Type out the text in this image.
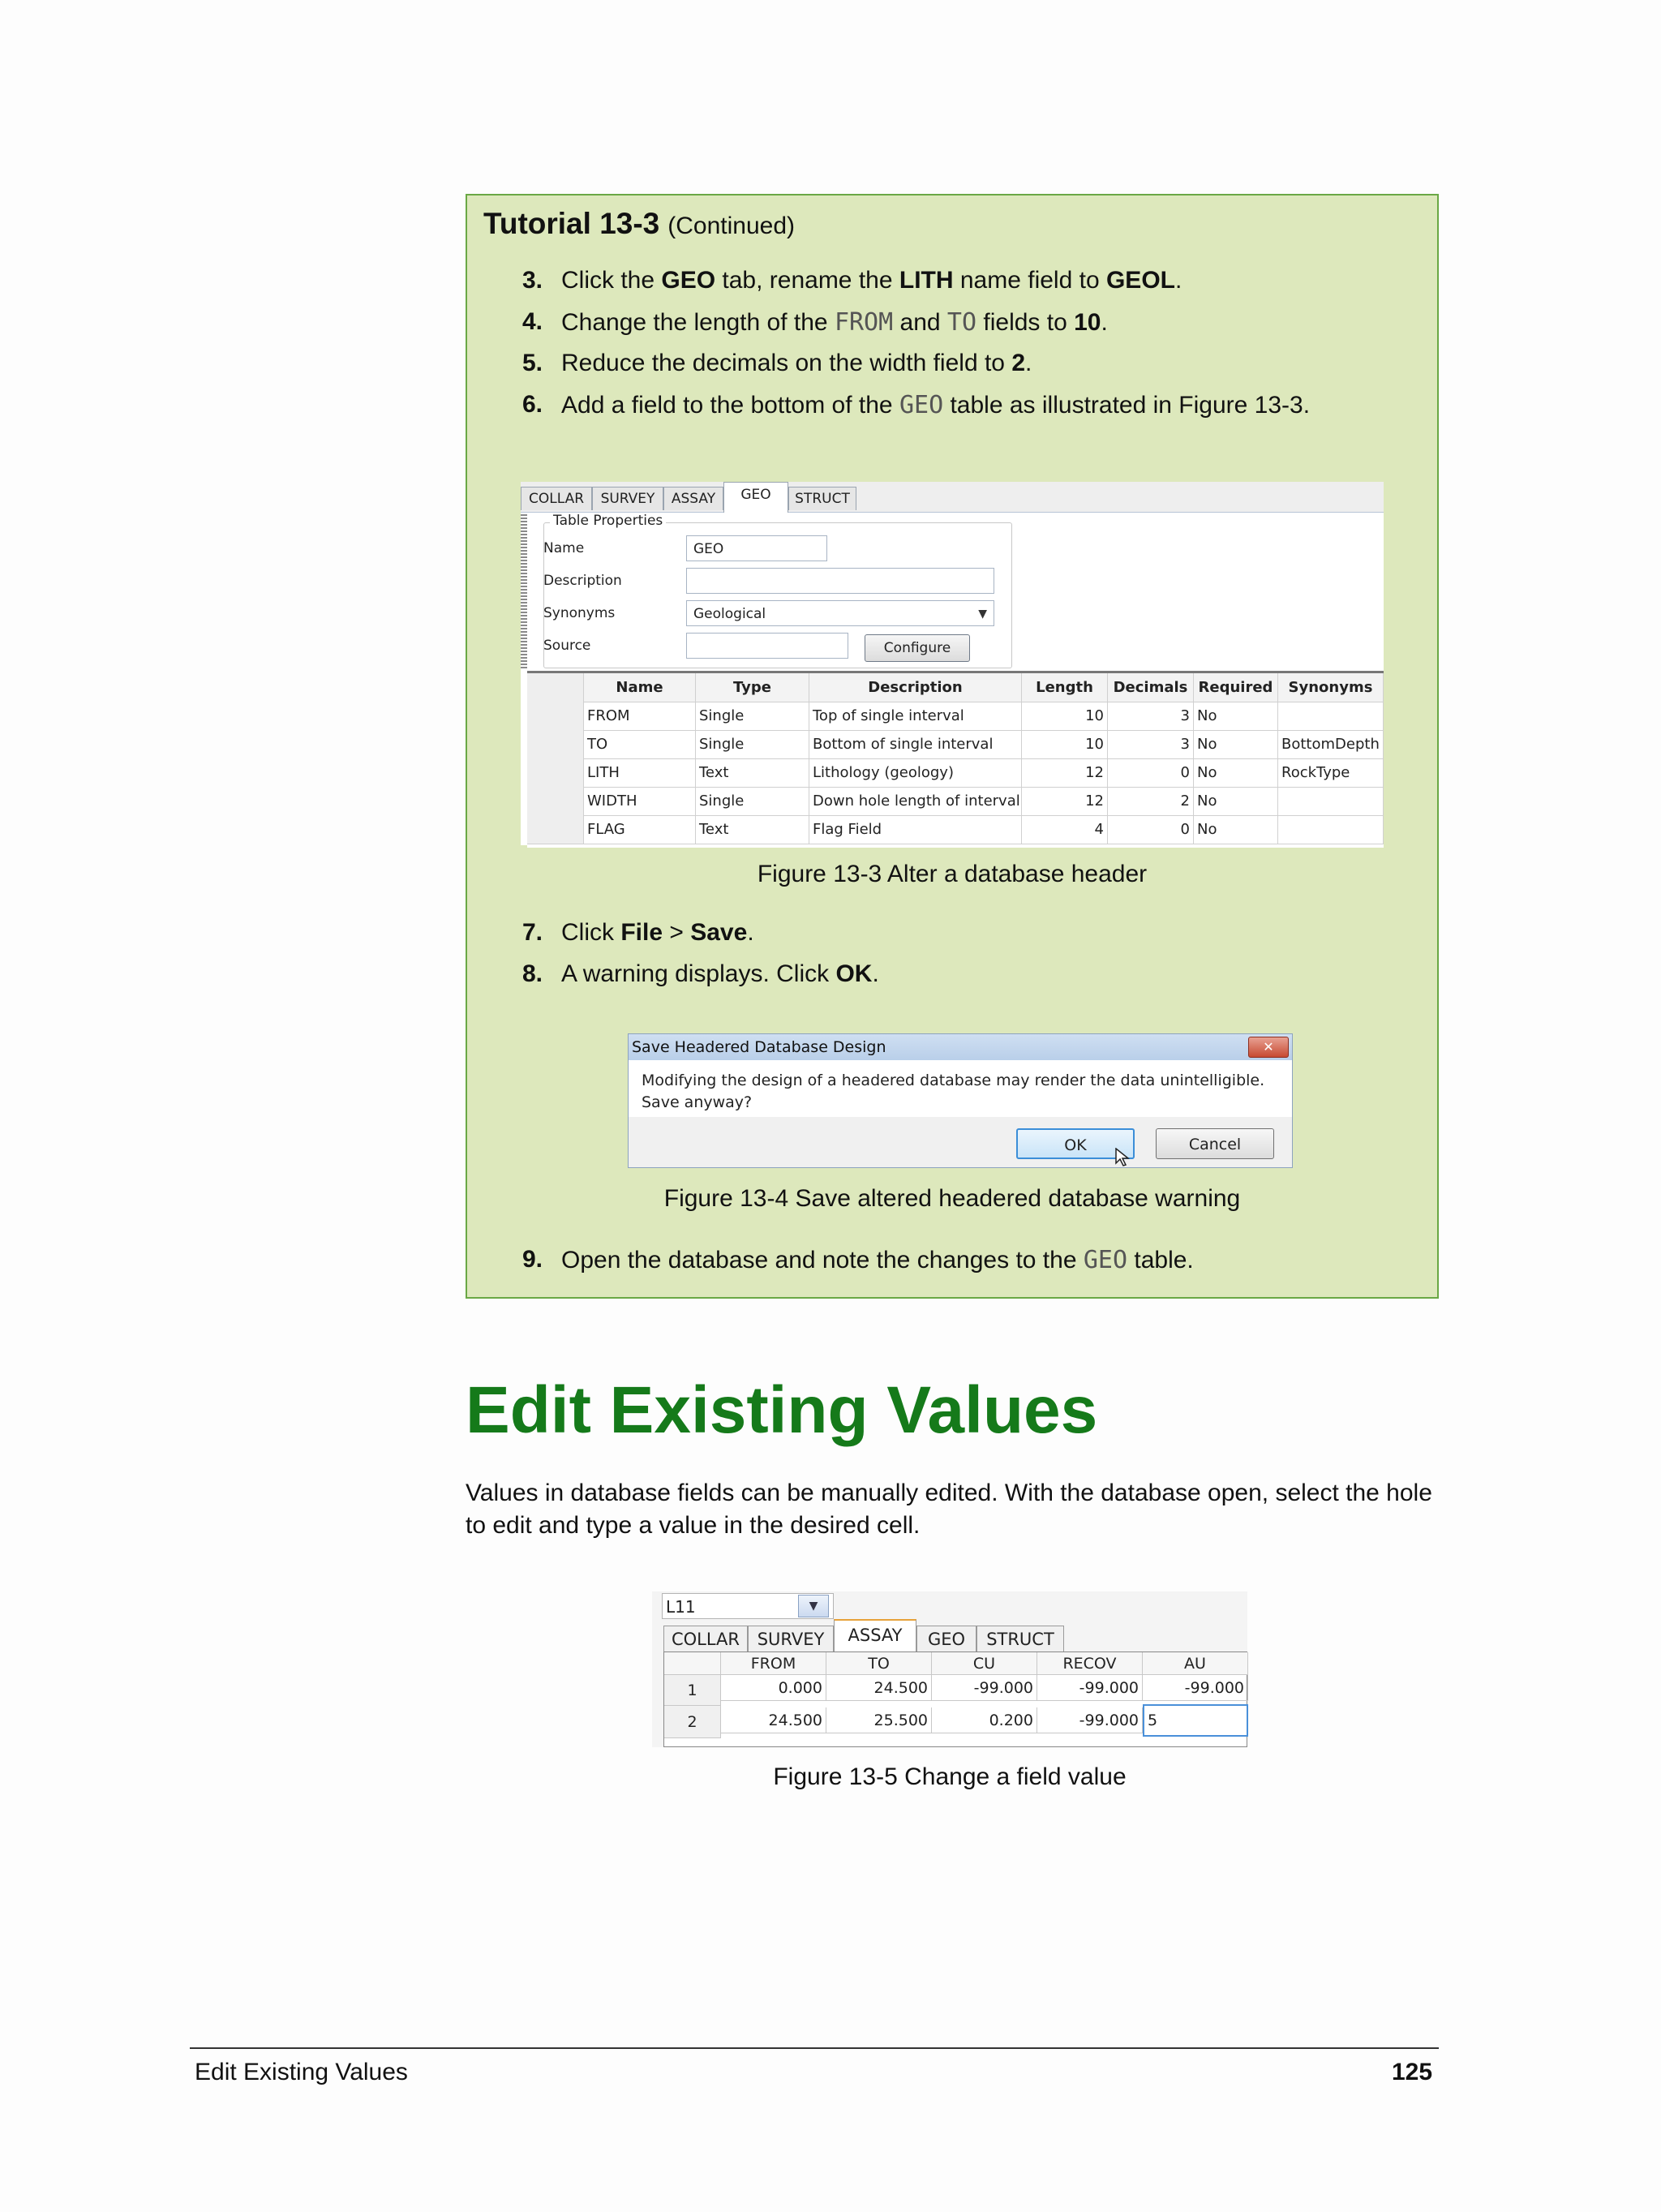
Tutorial 13-3 (Continued)
3. Click the GEO tab, rename the LITH name field to GEOL.
4. Change the length of the FROM and TO fields to 10.
5. Reduce the decimals on the width field to 2.
6. Add a field to the bottom of the GEO table as illustrated in Figure 13-3.
COLLAR	SURVEY	ASSAY	GEO	STRUCT
Table Properties
Name	GEO
Description
Synonyms	Geological	▼
Source	Configure
Name	Type	Description	Length	Decimals Required	Synonyms
FROM	Single	Top of single interval	10	3 No
TO	Single	Bottom of single interval	10	3 No	BottomDepth
LITH	Text	Lithology (geology)	12	0 No	RockType
WIDTH	Single	Down hole length of interval	12	2 No
FLAG	Text	Flag Field	4	0 No
Figure 13-3 Alter a database header
7. Click File > Save.
8. A warning displays. Click OK.
Save Headered Database Design	✕
Modifying the design of a headered database may render the data unintelligible.
Save anyway?
OK	Cancel
Figure 13-4 Save altered headered database warning
9. Open the database and note the changes to the GEO table.
Edit Existing Values
Values in database fields can be manually edited. With the database open, select the hole to edit and type a value in the desired cell.
L11	▼
COLLAR	SURVEY	ASSAY	GEO	STRUCT
FROM	TO	CU	RECOV	AU
1	0.000	24.500	-99.000	-99.000	-99.000
2	24.500	25.500	0.200	-99.000 5
Figure 13-5 Change a field value
Edit Existing Values	125
